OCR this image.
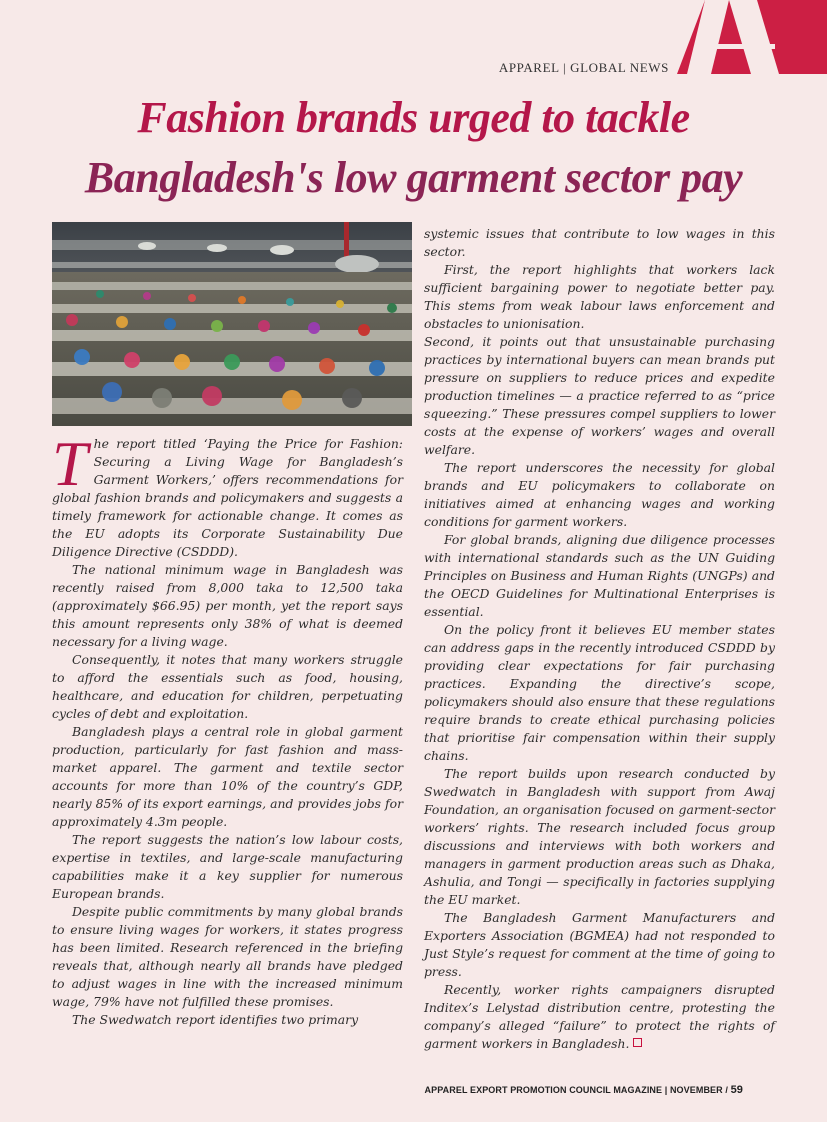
APPAREL | GLOBAL NEWS
Fashion brands urged to tackle
Bangladesh's low garment sector pay

The report titled ‘Paying the Price for Fashion: Securing a Living Wage for Bangladesh’s Garment Workers,’ offers recommendations for global fashion brands and policymakers and suggests a timely framework for actionable change. It comes as the EU adopts its Corporate Sustainability Due Diligence Directive (CSDDD).

The national minimum wage in Bangladesh was recently raised from 8,000 taka to 12,500 taka (approximately $66.95) per month, yet the report says this amount represents only 38% of what is deemed necessary for a living wage.

Consequently, it notes that many workers struggle to afford the essentials such as food, housing, healthcare, and education for children, perpetuating cycles of debt and exploitation.

Bangladesh plays a central role in global garment production, particularly for fast fashion and mass-market apparel. The garment and textile sector accounts for more than 10% of the country’s GDP, nearly 85% of its export earnings, and provides jobs for approximately 4.3m people.

The report suggests the nation’s low labour costs, expertise in textiles, and large-scale manufacturing capabilities make it a key supplier for numerous European brands.

Despite public commitments by many global brands to ensure living wages for workers, it states progress has been limited. Research referenced in the briefing reveals that, although nearly all brands have pledged to adjust wages in line with the increased minimum wage, 79% have not fulfilled these promises.

The Swedwatch report identifies two primary

systemic issues that contribute to low wages in this sector.

First, the report highlights that workers lack sufficient bargaining power to negotiate better pay. This stems from weak labour laws enforcement and obstacles to unionisation.

Second, it points out that unsustainable purchasing practices by international buyers can mean brands put pressure on suppliers to reduce prices and expedite production timelines — a practice referred to as “price squeezing.” These pressures compel suppliers to lower costs at the expense of workers’ wages and overall welfare.

The report underscores the necessity for global brands and EU policymakers to collaborate on initiatives aimed at enhancing wages and working conditions for garment workers.

For global brands, aligning due diligence processes with international standards such as the UN Guiding Principles on Business and Human Rights (UNGPs) and the OECD Guidelines for Multinational Enterprises is essential.

On the policy front it believes EU member states can address gaps in the recently introduced CSDDD by providing clear expectations for fair purchasing practices. Expanding the directive’s scope, policymakers should also ensure that these regulations require brands to create ethical purchasing policies that prioritise fair compensation within their supply chains.

The report builds upon research conducted by Swedwatch in Bangladesh with support from Awaj Foundation, an organisation focused on garment-sector workers’ rights. The research included focus group discussions and interviews with both workers and managers in garment production areas such as Dhaka, Ashulia, and Tongi — specifically in factories supplying the EU market.

The Bangladesh Garment Manufacturers and Exporters Association (BGMEA) had not responded to Just Style’s request for comment at the time of going to press.

Recently, worker rights campaigners disrupted Inditex’s Lelystad distribution centre, protesting the company’s alleged “failure” to protect the rights of garment workers in Bangladesh.

APPAREL EXPORT PROMOTION COUNCIL MAGAZINE | NOVEMBER / 59
